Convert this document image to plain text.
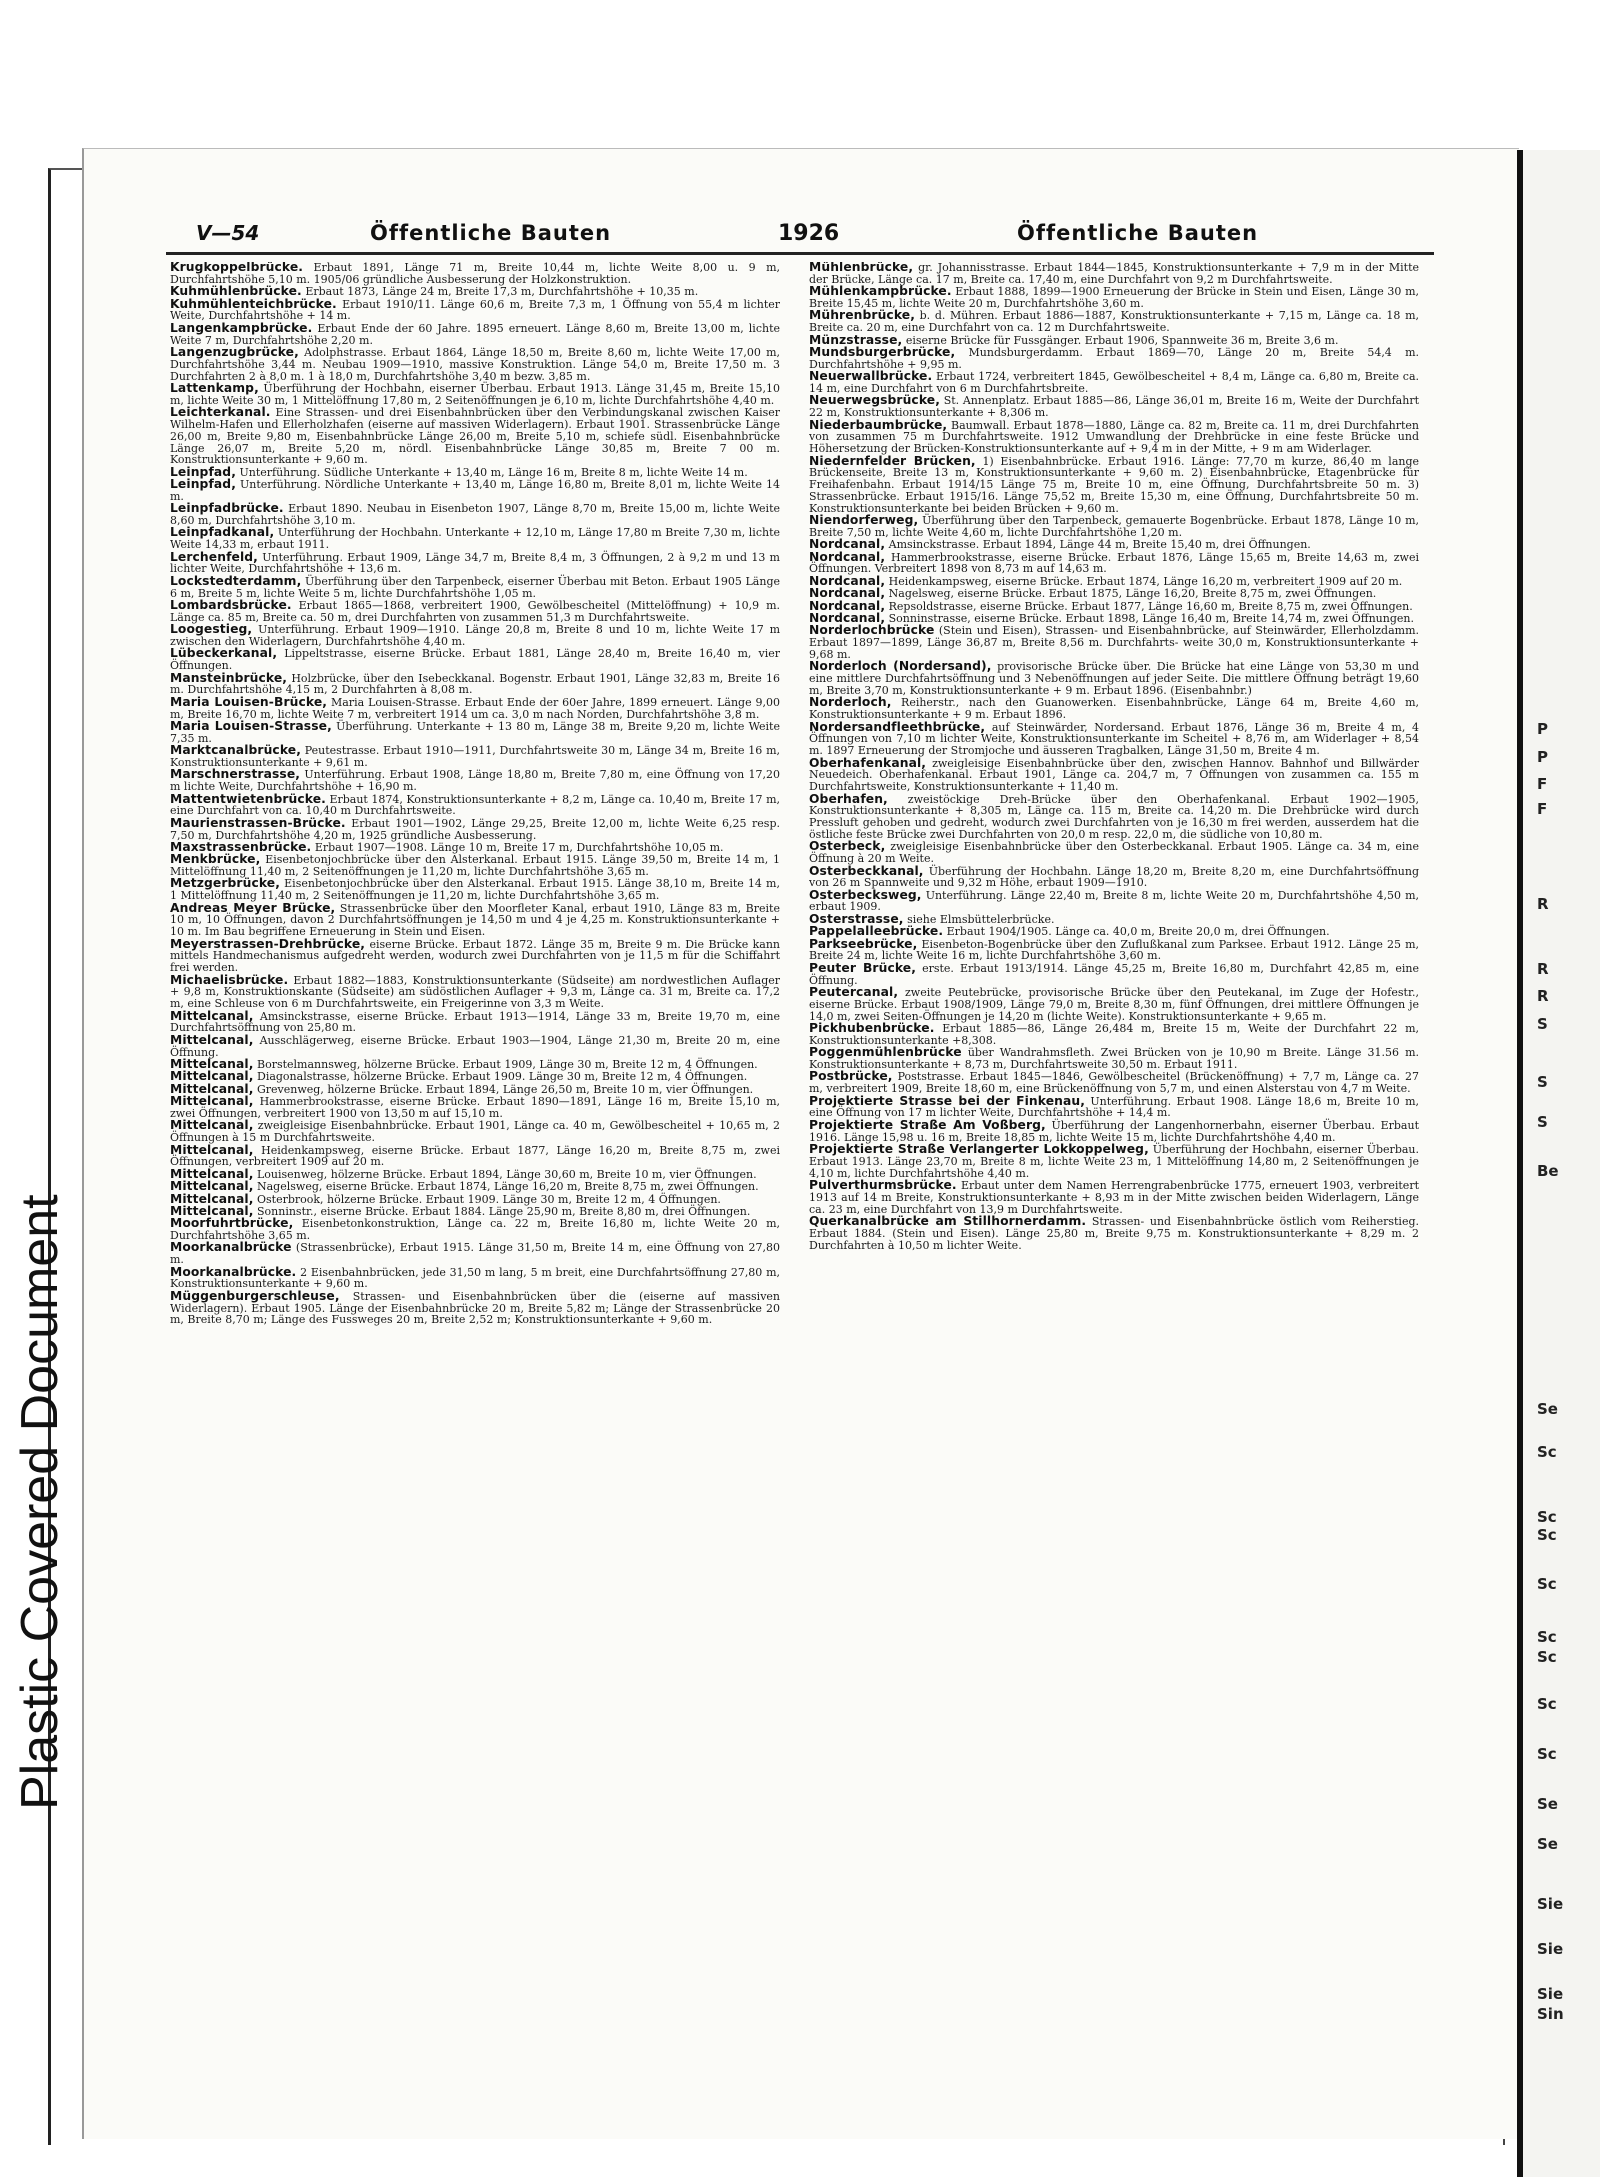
Plastic Covered Document
P
P
F
F
R
R
R
S
S
S
Be
Se
Sc
Sc
Sc
Sc
Sc
Sc
Sc
Sc
Se
Se
Sie
Sie
Sie
Sin
V—54	Öffentliche Bauten	1926	Öffentliche Bauten
Krugkoppelbrücke. Erbaut 1891, Länge 71 m, Breite 10,44 m, lichte Weite 8,00 u. 9 m, Durchfahrtshöhe 5,10 m. 1905/06 gründliche Ausbesserung der Holzkonstruktion.
Kuhmühlenbrücke. Erbaut 1873, Länge 24 m, Breite 17,3 m, Durchfahrtshöhe + 10,35 m.
Kuhmühlenteichbrücke. Erbaut 1910/11. Länge 60,6 m, Breite 7,3 m, 1 Öffnung von 55,4 m lichter Weite, Durchfahrtshöhe + 14 m.
Langenkampbrücke. Erbaut Ende der 60 Jahre. 1895 erneuert. Länge 8,60 m, Breite 13,00 m, lichte Weite 7 m, Durchfahrtshöhe 2,20 m.
Langenzugbrücke, Adolphstrasse. Erbaut 1864, Länge 18,50 m, Breite 8,60 m, lichte Weite 17,00 m, Durchfahrtshöhe 3,44 m. Neubau 1909—1910, massive Konstruktion. Länge 54,0 m, Breite 17,50 m. 3 Durchfahrten 2 à 8,0 m. 1 à 18,0 m, Durchfahrtshöhe 3,40 m bezw. 3,85 m.
Lattenkamp, Überführung der Hochbahn, eiserner Überbau. Erbaut 1913. Länge 31,45 m, Breite 15,10 m, lichte Weite 30 m, 1 Mittelöffnung 17,80 m, 2 Seitenöffnungen je 6,10 m, lichte Durchfahrtshöhe 4,40 m.
Leichterkanal. Eine Strassen- und drei Eisenbahnbrücken über den Verbindungskanal zwischen Kaiser Wilhelm-Hafen und Ellerholzhafen (eiserne auf massiven Widerlagern). Erbaut 1901. Strassenbrücke Länge 26,00 m, Breite 9,80 m, Eisenbahnbrücke Länge 26,00 m, Breite 5,10 m, schiefe südl. Eisenbahnbrücke Länge 26,07 m, Breite 5,20 m, nördl. Eisenbahnbrücke Länge 30,85 m, Breite 7 00 m. Konstruktionsunterkante + 9,60 m.
Leinpfad, Unterführung. Südliche Unterkante + 13,40 m, Länge 16 m, Breite 8 m, lichte Weite 14 m.
Leinpfad, Unterführung. Nördliche Unterkante + 13,40 m, Länge 16,80 m, Breite 8,01 m, lichte Weite 14 m.
Leinpfadbrücke. Erbaut 1890. Neubau in Eisenbeton 1907, Länge 8,70 m, Breite 15,00 m, lichte Weite 8,60 m, Durchfahrtshöhe 3,10 m.
Leinpfadkanal, Unterführung der Hochbahn. Unterkante + 12,10 m, Länge 17,80 m Breite 7,30 m, lichte Weite 14,33 m, erbaut 1911.
Lerchenfeld, Unterführung. Erbaut 1909, Länge 34,7 m, Breite 8,4 m, 3 Öffnungen, 2 à 9,2 m und 13 m lichter Weite, Durchfahrtshöhe + 13,6 m.
Lockstedterdamm, Überführung über den Tarpenbeck, eiserner Überbau mit Beton. Erbaut 1905 Länge 6 m, Breite 5 m, lichte Weite 5 m, lichte Durchfahrtshöhe 1,05 m.
Lombardsbrücke. Erbaut 1865—1868, verbreitert 1900, Gewölbescheitel (Mittelöffnung) + 10,9 m. Länge ca. 85 m, Breite ca. 50 m, drei Durchfahrten von zusammen 51,3 m Durchfahrtsweite.
Loogestieg, Unterführung. Erbaut 1909—1910. Länge 20,8 m, Breite 8 und 10 m, lichte Weite 17 m zwischen den Widerlagern, Durchfahrtshöhe 4,40 m.
Lübeckerkanal, Lippeltstrasse, eiserne Brücke. Erbaut 1881, Länge 28,40 m, Breite 16,40 m, vier Öffnungen.
Mansteinbrücke, Holzbrücke, über den Isebeckkanal. Bogenstr. Erbaut 1901, Länge 32,83 m, Breite 16 m. Durchfahrtshöhe 4,15 m, 2 Durchfahrten à 8,08 m.
Maria Louisen-Brücke, Maria Louisen-Strasse. Erbaut Ende der 60er Jahre, 1899 erneuert. Länge 9,00 m, Breite 16,70 m, lichte Weite 7 m, verbreitert 1914 um ca. 3,0 m nach Norden, Durchfahrtshöhe 3,8 m.
Maria Louisen-Strasse, Überführung. Unterkante + 13 80 m, Länge 38 m, Breite 9,20 m, lichte Weite 7,35 m.
Marktcanalbrücke, Peutestrasse. Erbaut 1910—1911, Durchfahrtsweite 30 m, Länge 34 m, Breite 16 m, Konstruktionsunterkante + 9,61 m.
Marschnerstrasse, Unterführung. Erbaut 1908, Länge 18,80 m, Breite 7,80 m, eine Öffnung von 17,20 m lichte Weite, Durchfahrtshöhe + 16,90 m.
Mattentwietenbrücke. Erbaut 1874, Konstruktionsunterkante + 8,2 m, Länge ca. 10,40 m, Breite 17 m, eine Durchfahrt von ca. 10,40 m Durchfahrtsweite.
Maurienstrassen-Brücke. Erbaut 1901—1902, Länge 29,25, Breite 12,00 m, lichte Weite 6,25 resp. 7,50 m, Durchfahrtshöhe 4,20 m, 1925 gründliche Ausbesserung.
Maxstrassenbrücke. Erbaut 1907—1908. Länge 10 m, Breite 17 m, Durchfahrtshöhe 10,05 m.
Menkbrücke, Eisenbetonjochbrücke über den Alsterkanal. Erbaut 1915. Länge 39,50 m, Breite 14 m, 1 Mittelöffnung 11,40 m, 2 Seitenöffnungen je 11,20 m, lichte Durchfahrtshöhe 3,65 m.
Metzgerbrücke, Eisenbetonjochbrücke über den Alsterkanal. Erbaut 1915. Länge 38,10 m, Breite 14 m, 1 Mittelöffnung 11,40 m, 2 Seitenöffnungen je 11,20 m, lichte Durchfahrtshöhe 3,65 m.
Andreas Meyer Brücke, Strassenbrücke über den Moorfleter Kanal, erbaut 1910, Länge 83 m, Breite 10 m, 10 Öffnungen, davon 2 Durchfahrtsöffnungen je 14,50 m und 4 je 4,25 m. Konstruktionsunterkante + 10 m. Im Bau begriffene Erneuerung in Stein und Eisen.
Meyerstrassen-Drehbrücke, eiserne Brücke. Erbaut 1872. Länge 35 m, Breite 9 m. Die Brücke kann mittels Handmechanismus aufgedreht werden, wodurch zwei Durchfahrten von je 11,5 m für die Schiffahrt frei werden.
Michaelisbrücke. Erbaut 1882—1883, Konstruktionsunterkante (Südseite) am nordwestlichen Auflager + 9,8 m, Konstruktionskante (Südseite) am südöstlichen Auflager + 9,3 m, Länge ca. 31 m, Breite ca. 17,2 m, eine Schleuse von 6 m Durchfahrtsweite, ein Freigerinne von 3,3 m Weite.
Mittelcanal, Amsinckstrasse, eiserne Brücke. Erbaut 1913—1914, Länge 33 m, Breite 19,70 m, eine Durchfahrtsöffnung von 25,80 m.
Mittelcanal, Ausschlägerweg, eiserne Brücke. Erbaut 1903—1904, Länge 21,30 m, Breite 20 m, eine Öffnung.
Mittelcanal, Borstelmannsweg, hölzerne Brücke. Erbaut 1909, Länge 30 m, Breite 12 m, 4 Öffnungen.
Mittelcanal, Diagonalstrasse, hölzerne Brücke. Erbaut 1909. Länge 30 m, Breite 12 m, 4 Öffnungen.
Mittelcanal, Grevenweg, hölzerne Brücke. Erbaut 1894, Länge 26,50 m, Breite 10 m, vier Öffnungen.
Mittelcanal, Hammerbrookstrasse, eiserne Brücke. Erbaut 1890—1891, Länge 16 m, Breite 15,10 m, zwei Öffnungen, verbreitert 1900 von 13,50 m auf 15,10 m.
Mittelcanal, zweigleisige Eisenbahnbrücke. Erbaut 1901, Länge ca. 40 m, Gewölbescheitel + 10,65 m, 2 Öffnungen à 15 m Durchfahrtsweite.
Mittelcanal, Heidenkampsweg, eiserne Brücke. Erbaut 1877, Länge 16,20 m, Breite 8,75 m, zwei Öffnungen, verbreitert 1909 auf 20 m.
Mittelcanal, Louisenweg, hölzerne Brücke. Erbaut 1894, Länge 30,60 m, Breite 10 m, vier Öffnungen.
Mittelcanal, Nagelsweg, eiserne Brücke. Erbaut 1874, Länge 16,20 m, Breite 8,75 m, zwei Öffnungen.
Mittelcanal, Osterbrook, hölzerne Brücke. Erbaut 1909. Länge 30 m, Breite 12 m, 4 Öffnungen.
Mittelcanal, Sonninstr., eiserne Brücke. Erbaut 1884. Länge 25,90 m, Breite 8,80 m, drei Öffnungen.
Moorfuhrtbrücke, Eisenbetonkonstruktion, Länge ca. 22 m, Breite 16,80 m, lichte Weite 20 m, Durchfahrtshöhe 3,65 m.
Moorkanalbrücke (Strassenbrücke), Erbaut 1915. Länge 31,50 m, Breite 14 m, eine Öffnung von 27,80 m.
Moorkanalbrücke. 2 Eisenbahnbrücken, jede 31,50 m lang, 5 m breit, eine Durchfahrtsöffnung 27,80 m, Konstruktionsunterkante + 9,60 m.
Müggenburgerschleuse, Strassen- und Eisenbahnbrücken über die (eiserne auf massiven Widerlagern). Erbaut 1905. Länge der Eisenbahnbrücke 20 m, Breite 5,82 m; Länge der Strassenbrücke 20 m, Breite 8,70 m; Länge des Fussweges 20 m, Breite 2,52 m; Konstruktionsunterkante + 9,60 m.
Mühlenbrücke, gr. Johannisstrasse. Erbaut 1844—1845, Konstruktionsunterkante + 7,9 m in der Mitte der Brücke, Länge ca. 17 m, Breite ca. 17,40 m, eine Durchfahrt von 9,2 m Durchfahrtsweite.
Mühlenkampbrücke. Erbaut 1888, 1899—1900 Erneuerung der Brücke in Stein und Eisen, Länge 30 m, Breite 15,45 m, lichte Weite 20 m, Durchfahrtshöhe 3,60 m.
Mührenbrücke, b. d. Mühren. Erbaut 1886—1887, Konstruktionsunterkante + 7,15 m, Länge ca. 18 m, Breite ca. 20 m, eine Durchfahrt von ca. 12 m Durchfahrtsweite.
Münzstrasse, eiserne Brücke für Fussgänger. Erbaut 1906, Spannweite 36 m, Breite 3,6 m.
Mundsburgerbrücke, Mundsburgerdamm. Erbaut 1869—70, Länge 20 m, Breite 54,4 m. Durchfahrtshöhe + 9,95 m.
Neuerwallbrücke. Erbaut 1724, verbreitert 1845, Gewölbescheitel + 8,4 m, Länge ca. 6,80 m, Breite ca. 14 m, eine Durchfahrt von 6 m Durchfahrtsbreite.
Neuerwegsbrücke, St. Annenplatz. Erbaut 1885—86, Länge 36,01 m, Breite 16 m, Weite der Durchfahrt 22 m, Konstruktionsunterkante + 8,306 m.
Niederbaumbrücke, Baumwall. Erbaut 1878—1880, Länge ca. 82 m, Breite ca. 11 m, drei Durchfahrten von zusammen 75 m Durchfahrtsweite. 1912 Umwandlung der Drehbrücke in eine feste Brücke und Höhersetzung der Brücken-Konstruktionsunterkante auf + 9,4 m in der Mitte, + 9 m am Widerlager.
Niedernfelder Brücken, 1) Eisenbahnbrücke. Erbaut 1916. Länge: 77,70 m kurze, 86,40 m lange Brückenseite, Breite 13 m, Konstruktionsunterkante + 9,60 m. 2) Eisenbahnbrücke, Etagenbrücke für Freihafenbahn. Erbaut 1914/15 Länge 75 m, Breite 10 m, eine Öffnung, Durchfahrtsbreite 50 m. 3) Strassenbrücke. Erbaut 1915/16. Länge 75,52 m, Breite 15,30 m, eine Öffnung, Durchfahrtsbreite 50 m. Konstruktionsunterkante bei beiden Brücken + 9,60 m.
Niendorferweg, Überführung über den Tarpenbeck, gemauerte Bogenbrücke. Erbaut 1878, Länge 10 m, Breite 7,50 m, lichte Weite 4,60 m, lichte Durchfahrtshöhe 1,20 m.
Nordcanal, Amsinckstrasse. Erbaut 1894, Länge 44 m, Breite 15,40 m, drei Öffnungen.
Nordcanal, Hammerbrookstrasse, eiserne Brücke. Erbaut 1876, Länge 15,65 m, Breite 14,63 m, zwei Öffnungen. Verbreitert 1898 von 8,73 m auf 14,63 m.
Nordcanal, Heidenkampsweg, eiserne Brücke. Erbaut 1874, Länge 16,20 m, verbreitert 1909 auf 20 m.
Nordcanal, Nagelsweg, eiserne Brücke. Erbaut 1875, Länge 16,20, Breite 8,75 m, zwei Öffnungen.
Nordcanal, Repsoldstrasse, eiserne Brücke. Erbaut 1877, Länge 16,60 m, Breite 8,75 m, zwei Öffnungen.
Nordcanal, Sonninstrasse, eiserne Brücke. Erbaut 1898, Länge 16,40 m, Breite 14,74 m, zwei Öffnungen.
Norderlochbrücke (Stein und Eisen), Strassen- und Eisenbahnbrücke, auf Steinwärder, Ellerholzdamm. Erbaut 1897—1899, Länge 36,87 m, Breite 8,56 m. Durchfahrts- weite 30,0 m, Konstruktionsunterkante + 9,68 m.
Norderloch (Nordersand), provisorische Brücke über. Die Brücke hat eine Länge von 53,30 m und eine mittlere Durchfahrtsöffnung und 3 Nebenöffnungen auf jeder Seite. Die mittlere Öffnung beträgt 19,60 m, Breite 3,70 m, Konstruktionsunterkante + 9 m. Erbaut 1896. (Eisenbahnbr.)
Norderloch, Reiherstr., nach den Guanowerken. Eisenbahnbrücke, Länge 64 m, Breite 4,60 m, Konstruktionsunterkante + 9 m. Erbaut 1896.
Nordersandfleethbrücke, auf Steinwärder, Nordersand. Erbaut 1876, Länge 36 m, Breite 4 m, 4 Öffnungen von 7,10 m lichter Weite, Konstruktionsunterkante im Scheitel + 8,76 m, am Widerlager + 8,54 m. 1897 Erneuerung der Stromjoche und äusseren Tragbalken, Länge 31,50 m, Breite 4 m.
Oberhafenkanal, zweigleisige Eisenbahnbrücke über den, zwischen Hannov. Bahnhof und Billwärder Neuedeich. Oberhafenkanal. Erbaut 1901, Länge ca. 204,7 m, 7 Öffnungen von zusammen ca. 155 m Durchfahrtsweite, Konstruktionsunterkante + 11,40 m.
Oberhafen, zweistöckige Dreh-Brücke über den Oberhafenkanal. Erbaut 1902—1905, Konstruktionsunterkante + 8,305 m, Länge ca. 115 m, Breite ca. 14,20 m. Die Drehbrücke wird durch Pressluft gehoben und gedreht, wodurch zwei Durchfahrten von je 16,30 m frei werden, ausserdem hat die östliche feste Brücke zwei Durchfahrten von 20,0 m resp. 22,0 m, die südliche von 10,80 m.
Osterbeck, zweigleisige Eisenbahnbrücke über den Osterbeckkanal. Erbaut 1905. Länge ca. 34 m, eine Öffnung à 20 m Weite.
Osterbeckkanal, Überführung der Hochbahn. Länge 18,20 m, Breite 8,20 m, eine Durchfahrtsöffnung von 26 m Spannweite und 9,32 m Höhe, erbaut 1909—1910.
Osterbecksweg, Unterführung. Länge 22,40 m, Breite 8 m, lichte Weite 20 m, Durchfahrtshöhe 4,50 m, erbaut 1909.
Osterstrasse, siehe Elmsbüttelerbrücke.
Pappelalleebrücke. Erbaut 1904/1905. Länge ca. 40,0 m, Breite 20,0 m, drei Öffnungen.
Parkseebrücke, Eisenbeton-Bogenbrücke über den Zuflußkanal zum Parksee. Erbaut 1912. Länge 25 m, Breite 24 m, lichte Weite 16 m, lichte Durchfahrtshöhe 3,60 m.
Peuter Brücke, erste. Erbaut 1913/1914. Länge 45,25 m, Breite 16,80 m, Durchfahrt 42,85 m, eine Öffnung.
Peutercanal, zweite Peutebrücke, provisorische Brücke über den Peutekanal, im Zuge der Hofestr., eiserne Brücke. Erbaut 1908/1909, Länge 79,0 m, Breite 8,30 m, fünf Öffnungen, drei mittlere Öffnungen je 14,0 m, zwei Seiten-Öffnungen je 14,20 m (lichte Weite). Konstruktionsunterkante + 9,65 m.
Pickhubenbrücke. Erbaut 1885—86, Länge 26,484 m, Breite 15 m, Weite der Durchfahrt 22 m, Konstruktionsunterkante +8,308.
Poggenmühlenbrücke über Wandrahmsfleth. Zwei Brücken von je 10,90 m Breite. Länge 31.56 m. Konstruktionsunterkante + 8,73 m, Durchfahrtsweite 30,50 m. Erbaut 1911.
Postbrücke, Poststrasse. Erbaut 1845—1846, Gewölbescheitel (Brückenöffnung) + 7,7 m, Länge ca. 27 m, verbreitert 1909, Breite 18,60 m, eine Brückenöffnung von 5,7 m, und einen Alsterstau von 4,7 m Weite.
Projektierte Strasse bei der Finkenau, Unterführung. Erbaut 1908. Länge 18,6 m, Breite 10 m, eine Öffnung von 17 m lichter Weite, Durchfahrtshöhe + 14,4 m.
Projektierte Straße Am Voßberg, Überführung der Langenhornerbahn, eiserner Überbau. Erbaut 1916. Länge 15,98 u. 16 m, Breite 18,85 m, lichte Weite 15 m, lichte Durchfahrtshöhe 4,40 m.
Projektierte Straße Verlangerter Lokkoppelweg, Überführung der Hochbahn, eiserner Überbau. Erbaut 1913. Länge 23,70 m, Breite 8 m, lichte Weite 23 m, 1 Mittelöffnung 14,80 m, 2 Seitenöffnungen je 4,10 m, lichte Durchfahrtshöhe 4,40 m.
Pulverthurmsbrücke. Erbaut unter dem Namen Herrengrabenbrücke 1775, erneuert 1903, verbreitert 1913 auf 14 m Breite, Konstruktionsunterkante + 8,93 m in der Mitte zwischen beiden Widerlagern, Länge ca. 23 m, eine Durchfahrt von 13,9 m Durchfahrtsweite.
Querkanalbrücke am Stillhornerdamm. Strassen- und Eisenbahnbrücke östlich vom Reiherstieg. Erbaut 1884. (Stein und Eisen). Länge 25,80 m, Breite 9,75 m. Konstruktionsunterkante + 8,29 m. 2 Durchfahrten à 10,50 m lichter Weite.
